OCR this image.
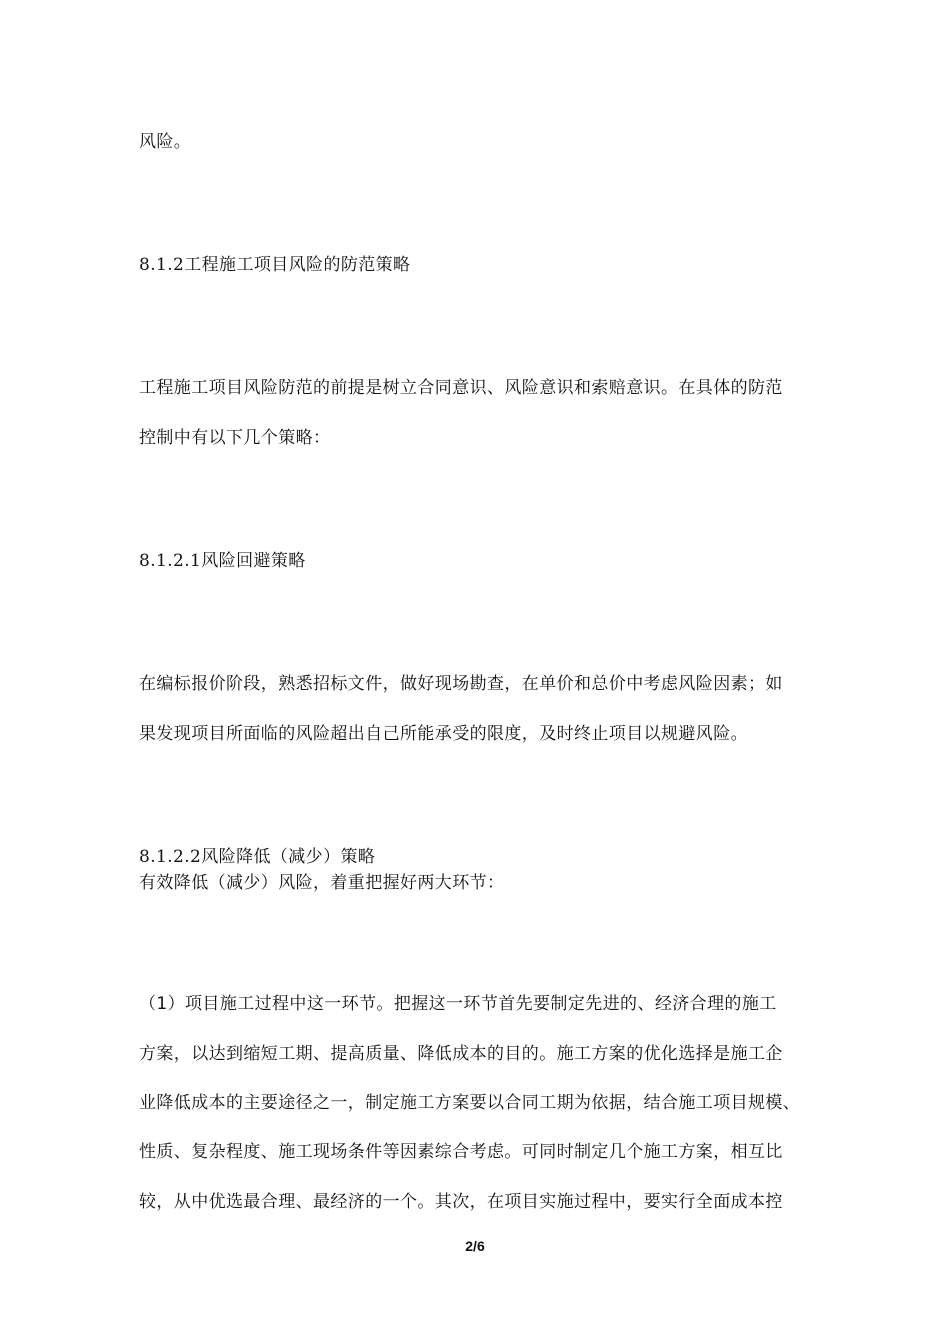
风险。
8.1.2工程施工项目风险的防范策略
工程施工项目风险防范的前提是树立合同意识、风险意识和索赔意识。在具体的防范
控制中有以下几个策略：
8.1.2.1风险回避策略
在编标报价阶段，熟悉招标文件，做好现场勘查，在单价和总价中考虑风险因素；如
果发现项目所面临的风险超出自己所能承受的限度，及时终止项目以规避风险。
8.1.2.2风险降低（减少）策略
有效降低（减少）风险，着重把握好两大环节：
（1）项目施工过程中这一环节。把握这一环节首先要制定先进的、经济合理的施工
方案，以达到缩短工期、提高质量、降低成本的目的。施工方案的优化选择是施工企
业降低成本的主要途径之一，制定施工方案要以合同工期为依据，结合施工项目规模、
性质、复杂程度、施工现场条件等因素综合考虑。可同时制定几个施工方案，相互比
较，从中优选最合理、最经济的一个。其次，在项目实施过程中，要实行全面成本控
2/6
